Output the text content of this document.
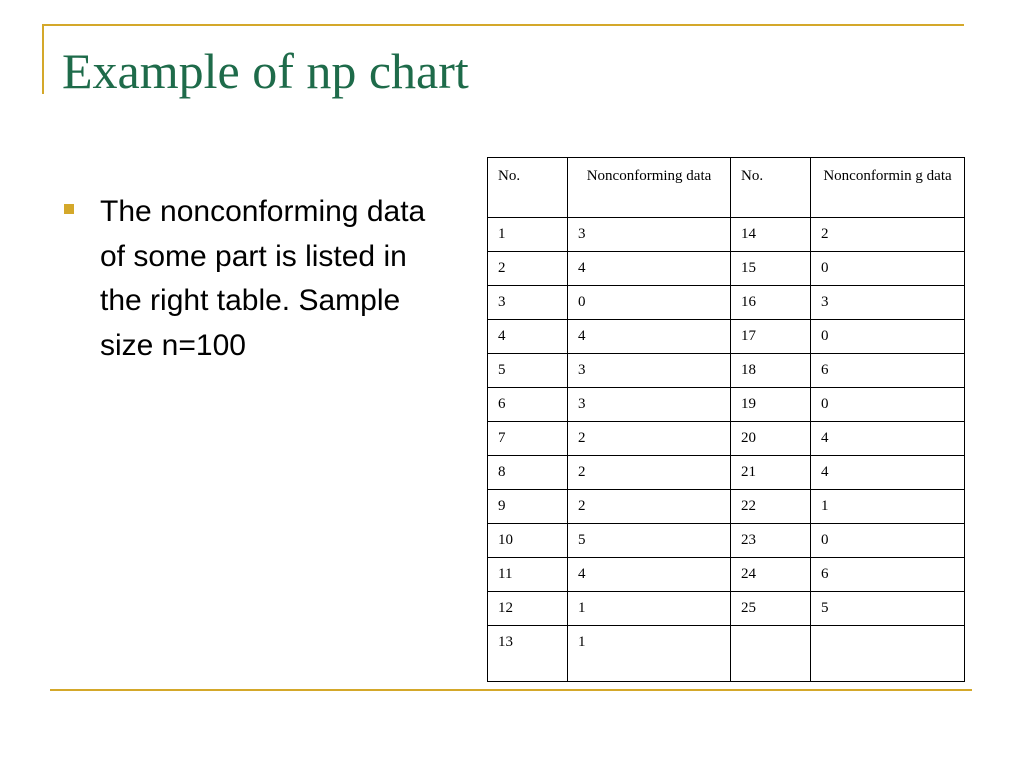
Example of np chart

The nonconforming data of some part is listed in the right table. Sample size n=100

No.	Nonconforming data	No.	Nonconformin g data
1	3	14	2
2	4	15	0
3	0	16	3
4	4	17	0
5	3	18	6
6	3	19	0
7	2	20	4
8	2	21	4
9	2	22	1
10	5	23	0
11	4	24	6
12	1	25	5
13	1		
